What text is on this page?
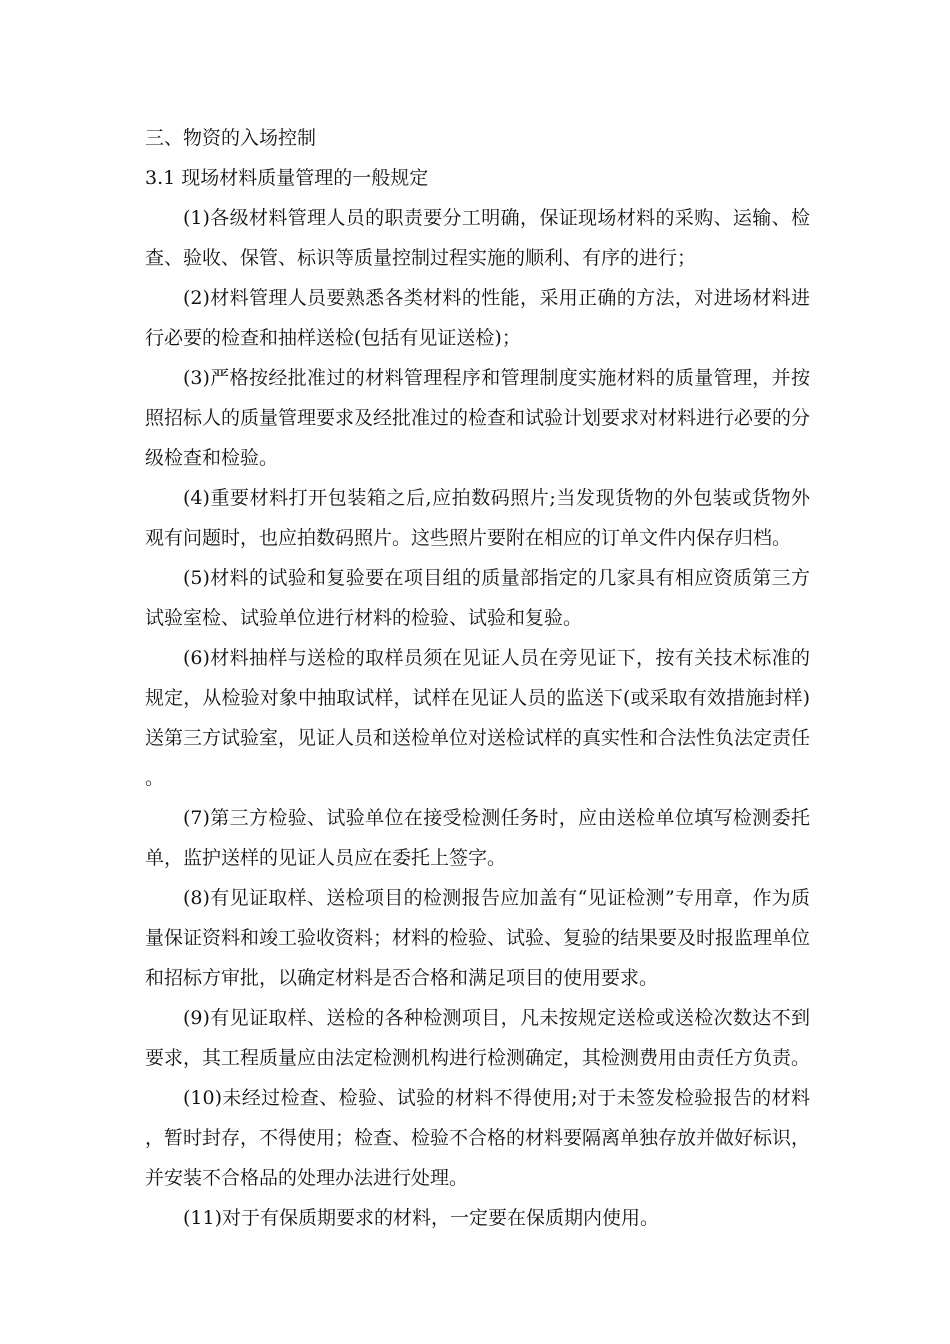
三、物资的入场控制
3.1 现场材料质量管理的一般规定

(1)各级材料管理人员的职责要分工明确，保证现场材料的采购、运输、检查、验收、保管、标识等质量控制过程实施的顺利、有序的进行；

(2)材料管理人员要熟悉各类材料的性能，采用正确的方法，对进场材料进行必要的检查和抽样送检(包括有见证送检)；

(3)严格按经批准过的材料管理程序和管理制度实施材料的质量管理，并按照招标人的质量管理要求及经批准过的检查和试验计划要求对材料进行必要的分级检查和检验。

(4)重要材料打开包装箱之后,应拍数码照片;当发现货物的外包装或货物外观有问题时，也应拍数码照片。这些照片要附在相应的订单文件内保存归档。

(5)材料的试验和复验要在项目组的质量部指定的几家具有相应资质第三方试验室检、试验单位进行材料的检验、试验和复验。

(6)材料抽样与送检的取样员须在见证人员在旁见证下，按有关技术标准的规定，从检验对象中抽取试样，试样在见证人员的监送下(或采取有效措施封样)送第三方试验室，见证人员和送检单位对送检试样的真实性和合法性负法定责任。

(7)第三方检验、试验单位在接受检测任务时，应由送检单位填写检测委托单，监护送样的见证人员应在委托上签字。

(8)有见证取样、送检项目的检测报告应加盖有“见证检测”专用章，作为质量保证资料和竣工验收资料；材料的检验、试验、复验的结果要及时报监理单位和招标方审批，以确定材料是否合格和满足项目的使用要求。

(9)有见证取样、送检的各种检测项目，凡未按规定送检或送检次数达不到要求，其工程质量应由法定检测机构进行检测确定，其检测费用由责任方负责。

(10)未经过检查、检验、试验的材料不得使用;对于未签发检验报告的材料，暂时封存，不得使用；检查、检验不合格的材料要隔离单独存放并做好标识，并安装不合格品的处理办法进行处理。

(11)对于有保质期要求的材料，一定要在保质期内使用。
